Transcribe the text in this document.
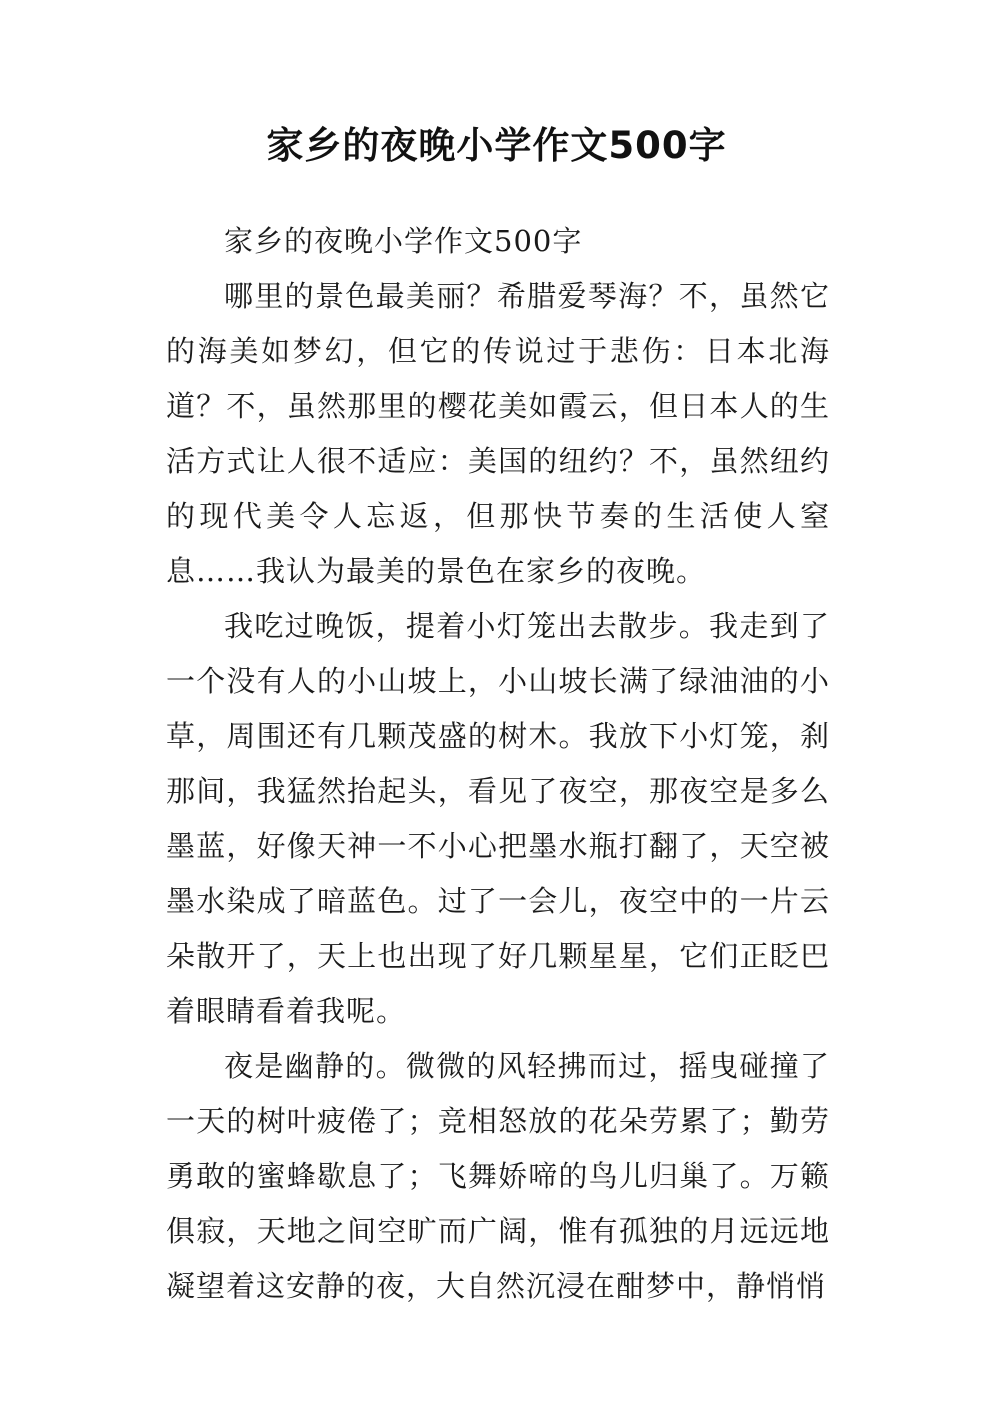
家乡的夜晚小学作文500字

家乡的夜晚小学作文500字

哪里的景色最美丽？希腊爱琴海？不，虽然它的海美如梦幻，但它的传说过于悲伤：日本北海道？不，虽然那里的樱花美如霞云，但日本人的生活方式让人很不适应：美国的纽约？不，虽然纽约的现代美令人忘返，但那快节奏的生活使人窒息……我认为最美的景色在家乡的夜晚。

我吃过晚饭，提着小灯笼出去散步。我走到了一个没有人的小山坡上，小山坡长满了绿油油的小草，周围还有几颗茂盛的树木。我放下小灯笼，刹那间，我猛然抬起头，看见了夜空，那夜空是多么墨蓝，好像天神一不小心把墨水瓶打翻了，天空被墨水染成了暗蓝色。过了一会儿，夜空中的一片云朵散开了，天上也出现了好几颗星星，它们正眨巴着眼睛看着我呢。

夜是幽静的。微微的风轻拂而过，摇曳碰撞了一天的树叶疲倦了；竞相怒放的花朵劳累了；勤劳勇敢的蜜蜂歇息了；飞舞娇啼的鸟儿归巢了。万籁俱寂，天地之间空旷而广阔，惟有孤独的月远远地凝望着这安静的夜，大自然沉浸在酣梦中，静悄悄
